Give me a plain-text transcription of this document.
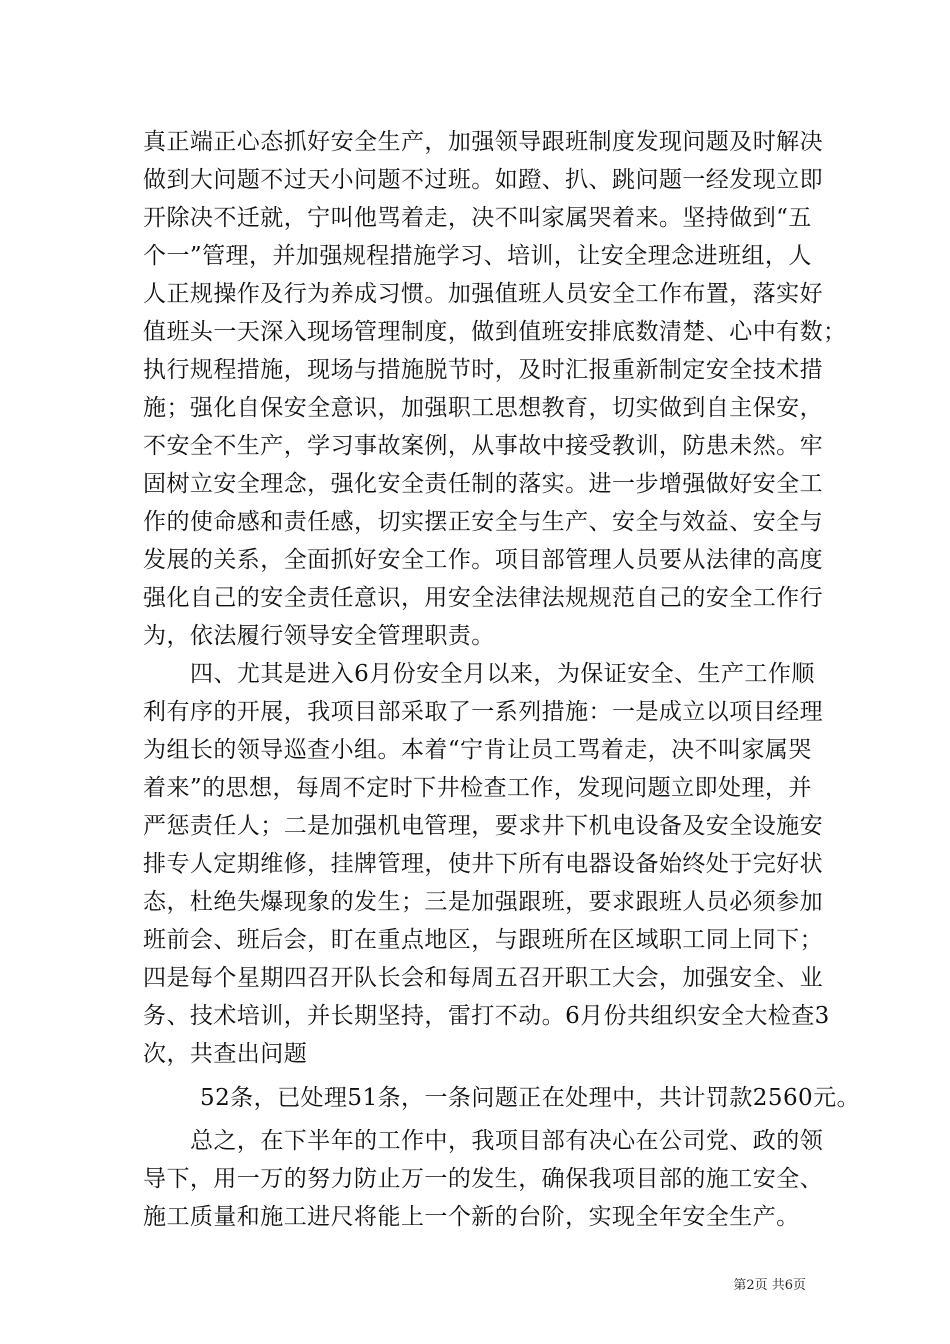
真正端正心态抓好安全生产，加强领导跟班制度发现问题及时解决
做到大问题不过天小问题不过班。如蹬、扒、跳问题一经发现立即
开除决不迁就，宁叫他骂着走，决不叫家属哭着来。坚持做到“五
个一”管理，并加强规程措施学习、培训，让安全理念进班组，人
人正规操作及行为养成习惯。加强值班人员安全工作布置，落实好
值班头一天深入现场管理制度，做到值班安排底数清楚、心中有数；
执行规程措施，现场与措施脱节时，及时汇报重新制定安全技术措
施；强化自保安全意识，加强职工思想教育，切实做到自主保安，
不安全不生产，学习事故案例，从事故中接受教训，防患未然。牢
固树立安全理念，强化安全责任制的落实。进一步增强做好安全工
作的使命感和责任感，切实摆正安全与生产、安全与效益、安全与
发展的关系，全面抓好安全工作。项目部管理人员要从法律的高度
强化自己的安全责任意识，用安全法律法规规范自己的安全工作行
为，依法履行领导安全管理职责。
四、尤其是进入6月份安全月以来，为保证安全、生产工作顺
利有序的开展，我项目部采取了一系列措施：一是成立以项目经理
为组长的领导巡查小组。本着“宁肯让员工骂着走，决不叫家属哭
着来”的思想，每周不定时下井检查工作，发现问题立即处理，并
严惩责任人；二是加强机电管理，要求井下机电设备及安全设施安
排专人定期维修，挂牌管理，使井下所有电器设备始终处于完好状
态，杜绝失爆现象的发生；三是加强跟班，要求跟班人员必须参加
班前会、班后会，盯在重点地区，与跟班所在区域职工同上同下；
四是每个星期四召开队长会和每周五召开职工大会，加强安全、业
务、技术培训，并长期坚持，雷打不动。6月份共组织安全大检查3
次，共查出问题
52条，已处理51条，一条问题正在处理中，共计罚款2560元。
总之，在下半年的工作中，我项目部有决心在公司党、政的领
导下，用一万的努力防止万一的发生，确保我项目部的施工安全、
施工质量和施工进尺将能上一个新的台阶，实现全年安全生产。
第2页 共6页
